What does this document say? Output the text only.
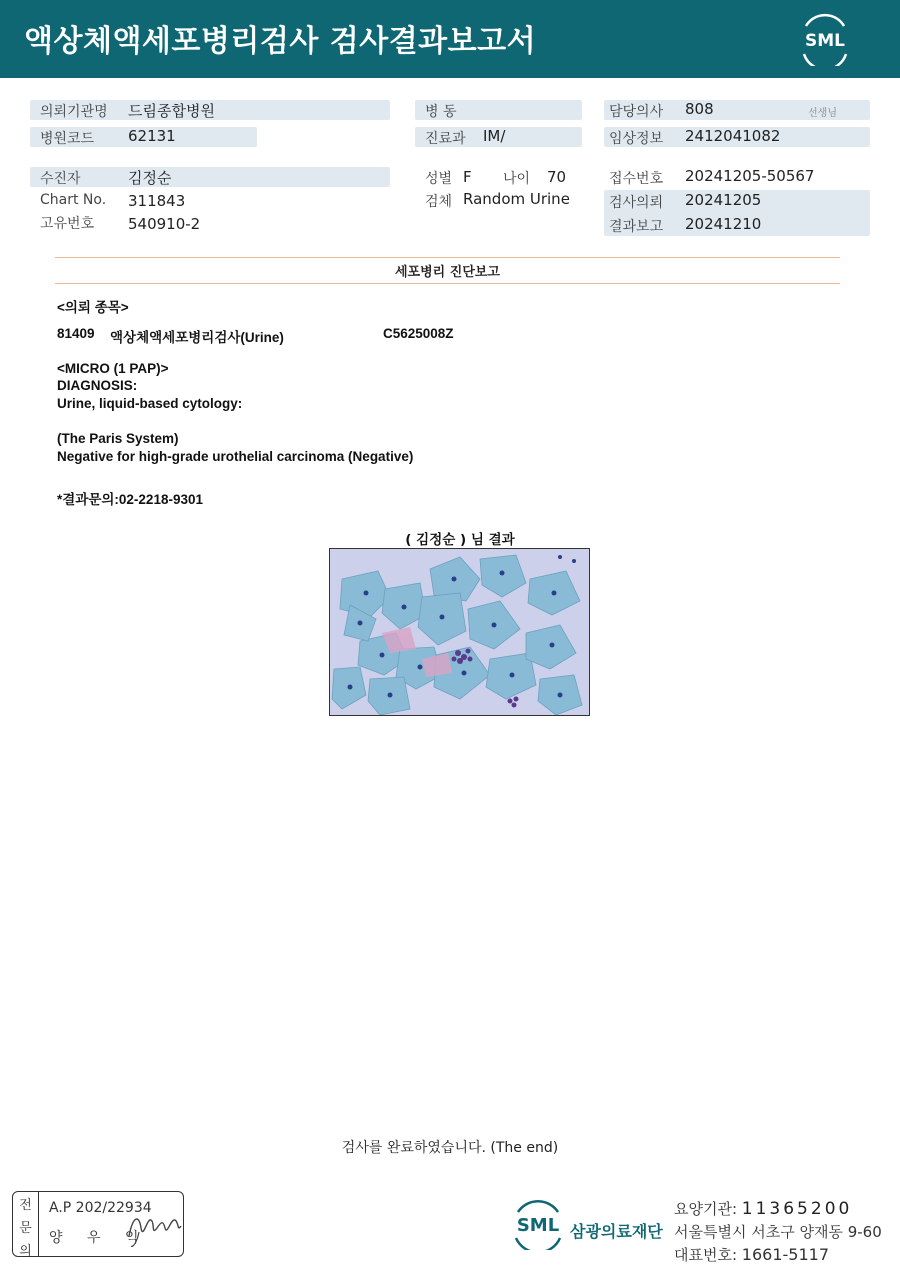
액상체액세포병리검사 검사결과보고서	SML
의뢰기관명 드림종합병원
병원코드 62131
병 동
진료과 IM/
담당의사 808	선생님
임상정보 2412041082
수진자	김정순
Chart No. 311843
고유번호 540910-2
성별 F 나이 70
검체 Random Urine
접수번호 20241205-50567
검사의뢰 20241205
결과보고 20241210
세포병리 진단보고
<의뢰 종목>
81409 액상체액세포병리검사(Urine)	C5625008Z
<MICRO (1 PAP)>
DIAGNOSIS:
Urine, liquid-based cytology:
(The Paris System)
Negative for high-grade urothelial carcinoma (Negative)
*결과문의:02-2218-9301
( 김정순 ) 님 결과
검사를 완료하였습니다. (The end)
전
문
의
A.P 202/22934
양 우 익
SML 삼광의료재단
요양기관: 11365200
서울특별시 서초구 양재동 9-60
대표번호: 1661-5117
